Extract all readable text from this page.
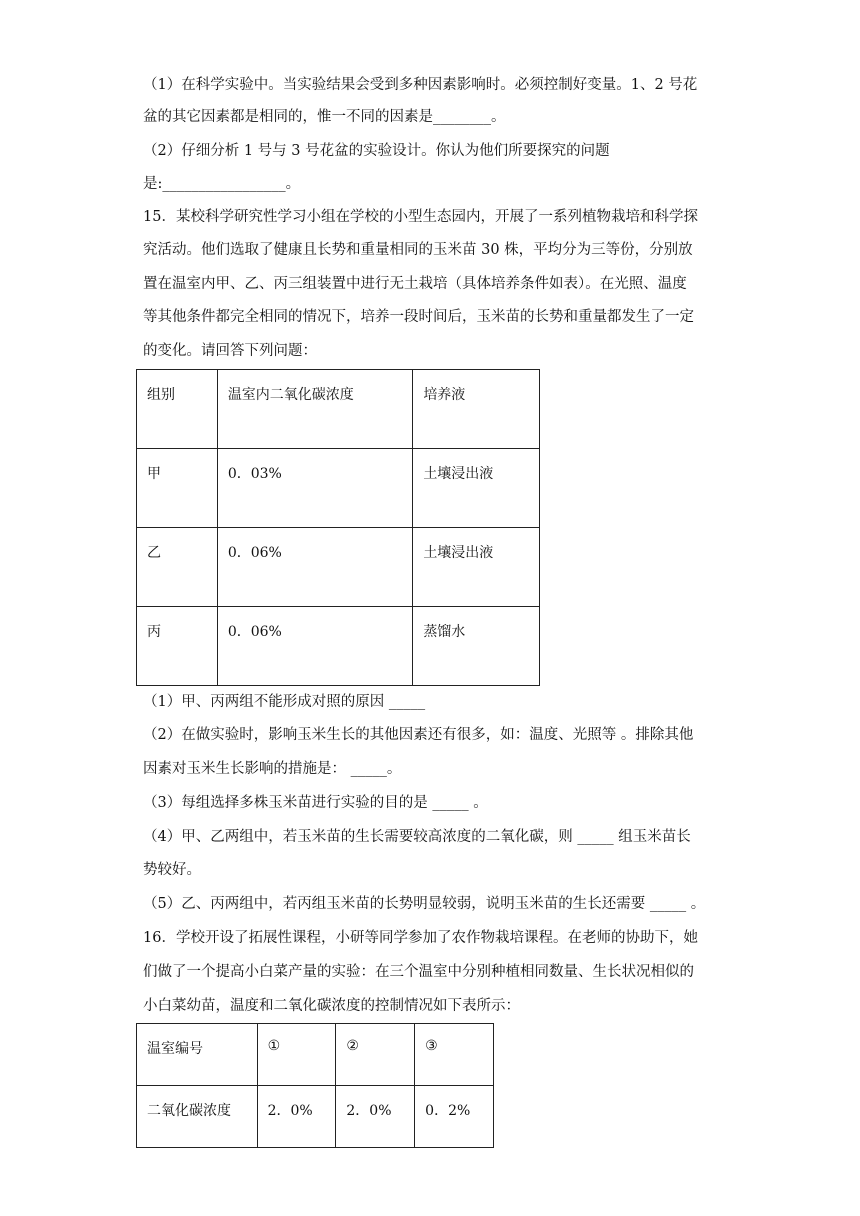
（1）在科学实验中。当实验结果会受到多种因素影响时。必须控制好变量。1、2 号花
盆的其它因素都是相同的，惟一不同的因素是________。
（2）仔细分析 1 号与 3 号花盆的实验设计。你认为他们所要探究的问题
是:_________________。
15．某校科学研究性学习小组在学校的小型生态园内，开展了一系列植物栽培和科学探
究活动。他们选取了健康且长势和重量相同的玉米苗 30 株，平均分为三等份，分别放
置在温室内甲、乙、丙三组装置中进行无土栽培（具体培养条件如表）。在光照、温度
等其他条件都完全相同的情况下，培养一段时间后，玉米苗的长势和重量都发生了一定
的变化。请回答下列问题：
组别	温室内二氧化碳浓度	培养液
甲	0．03%	土壤浸出液
乙	0．06%	土壤浸出液
丙	0．06%	蒸馏水
（1）甲、丙两组不能形成对照的原因 _____
（2）在做实验时，影响玉米生长的其他因素还有很多，如：温度、光照等 。排除其他
因素对玉米生长影响的措施是： _____。
（3）每组选择多株玉米苗进行实验的目的是 _____ 。
（4）甲、乙两组中，若玉米苗的生长需要较高浓度的二氧化碳，则 _____ 组玉米苗长
势较好。
（5）乙、丙两组中，若丙组玉米苗的长势明显较弱，说明玉米苗的生长还需要 _____ 。
16．学校开设了拓展性课程，小研等同学参加了农作物栽培课程。在老师的协助下，她
们做了一个提高小白菜产量的实验：在三个温室中分别种植相同数量、生长状况相似的
小白菜幼苗，温度和二氧化碳浓度的控制情况如下表所示：
温室编号	①	②	③
二氧化碳浓度	2．0%	2．0%	0．2%
